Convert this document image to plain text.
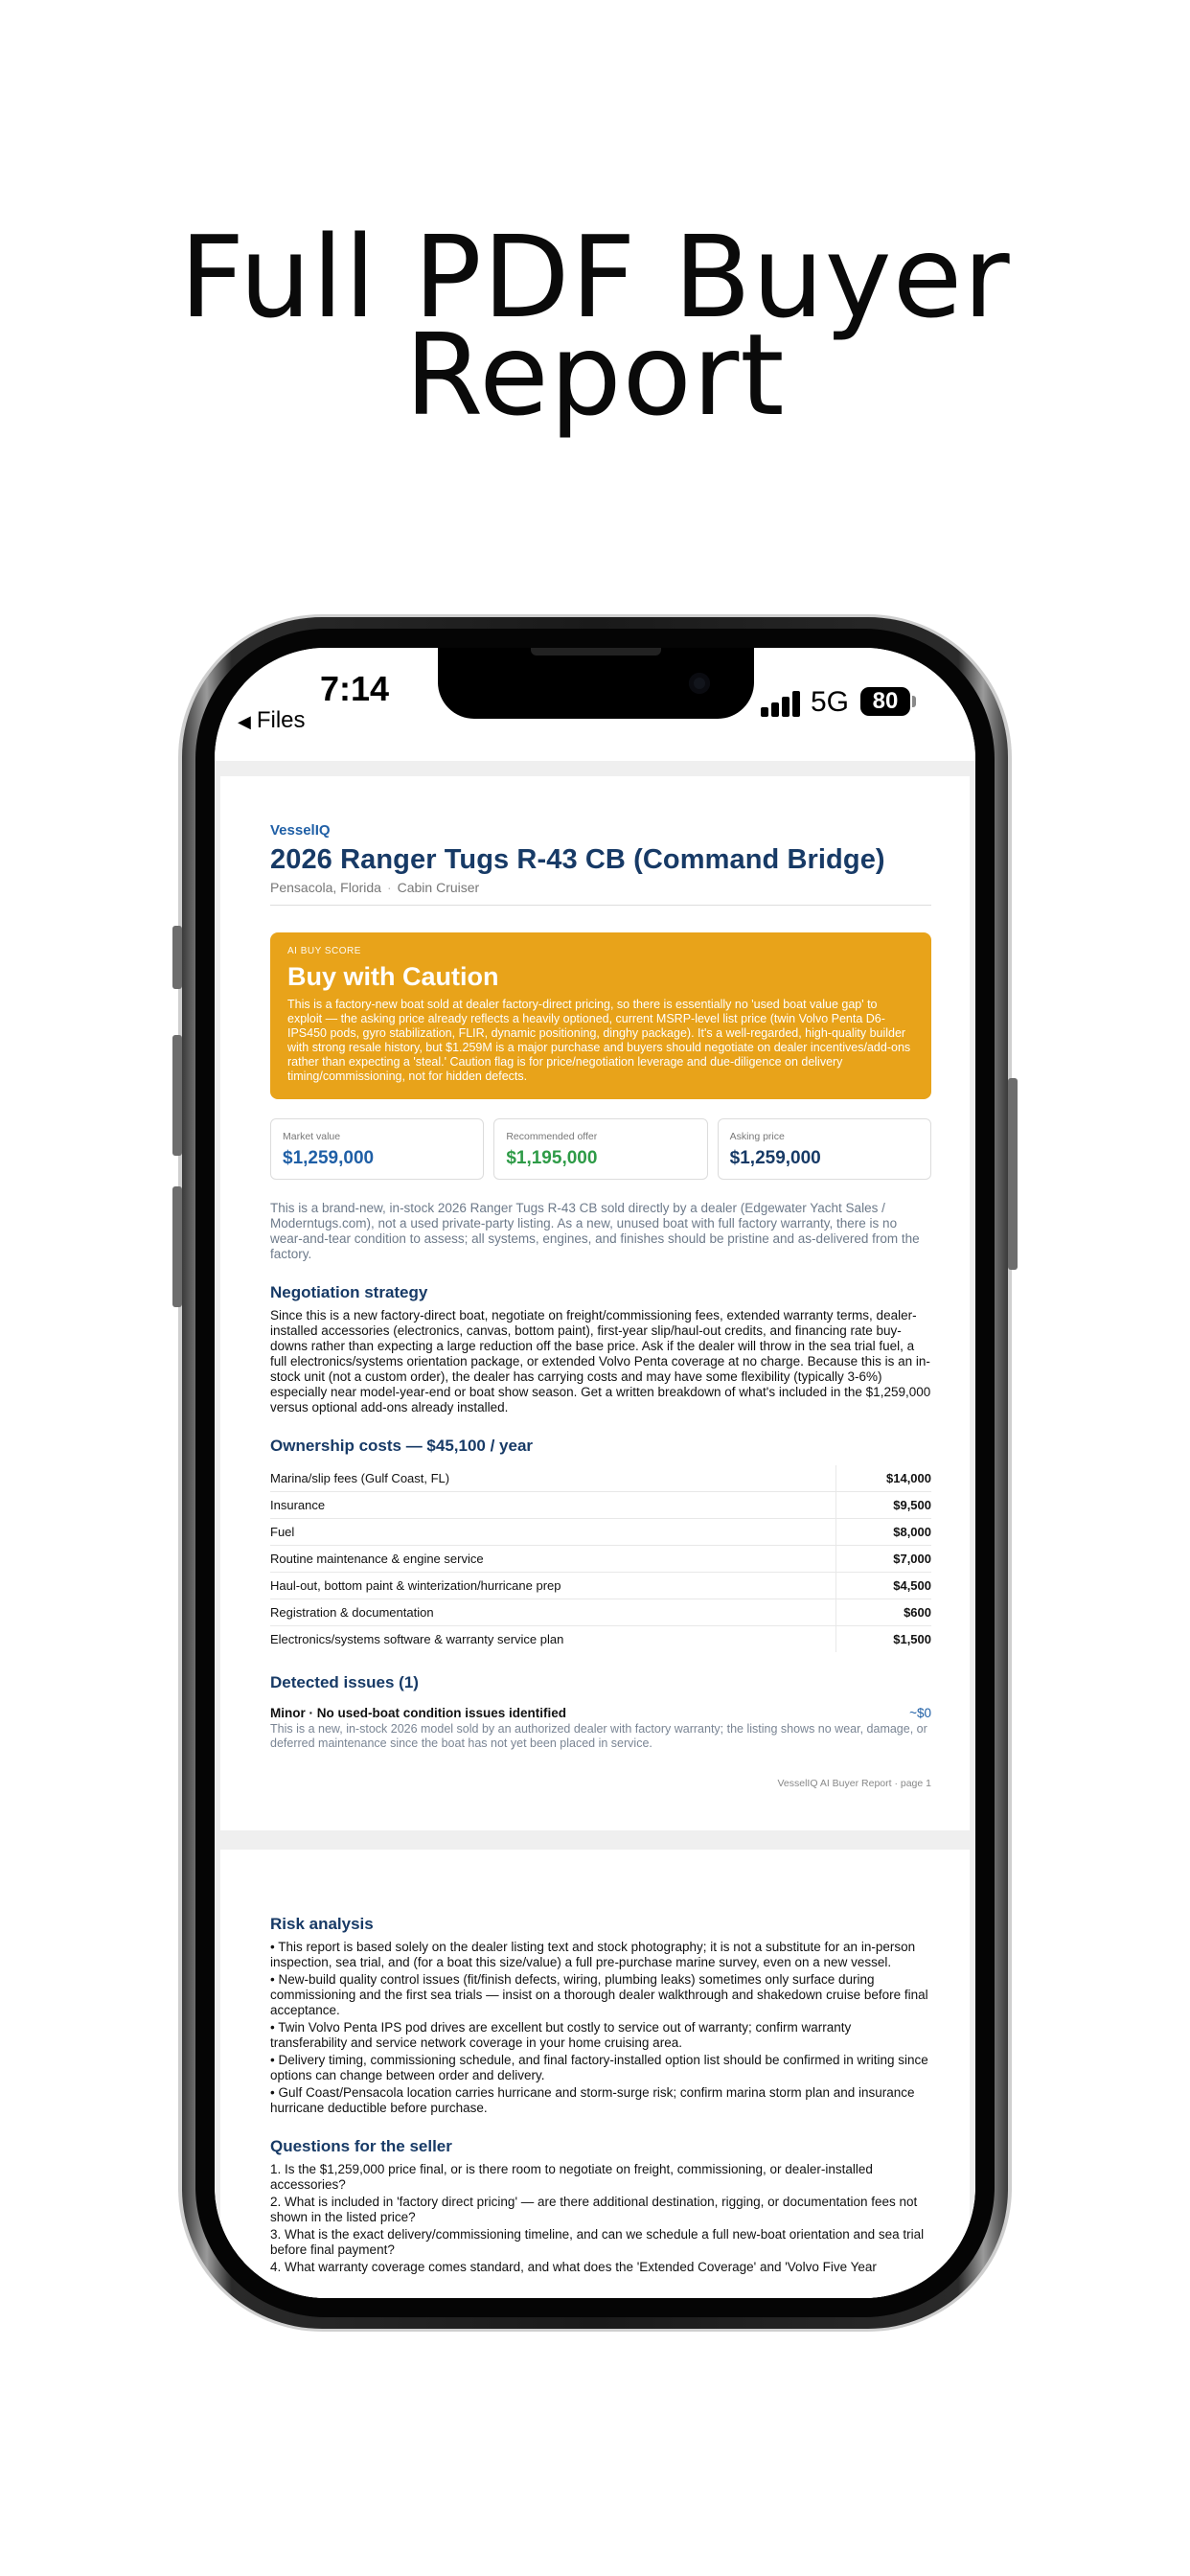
Full PDF Buyer
Report
7:14
◀ Files
5G	80
VesselIQ
2026 Ranger Tugs R-43 CB (Command Bridge)
Pensacola, Florida · Cabin Cruiser
AI BUY SCORE
Buy with Caution
This is a factory-new boat sold at dealer factory-direct pricing, so there is essentially no 'used boat value gap' to exploit — the asking price already reflects a heavily optioned, current MSRP-level list price (twin Volvo Penta D6-IPS450 pods, gyro stabilization, FLIR, dynamic positioning, dinghy package). It's a well-regarded, high-quality builder with strong resale history, but $1.259M is a major purchase and buyers should negotiate on dealer incentives/add-ons rather than expecting a 'steal.' Caution flag is for price/negotiation leverage and due-diligence on delivery timing/commissioning, not for hidden defects.
Market value
$1,259,000
Recommended offer
$1,195,000
Asking price
$1,259,000
This is a brand-new, in-stock 2026 Ranger Tugs R-43 CB sold directly by a dealer (Edgewater Yacht Sales / Moderntugs.com), not a used private-party listing. As a new, unused boat with full factory warranty, there is no wear-and-tear condition to assess; all systems, engines, and finishes should be pristine and as-delivered from the factory.
Negotiation strategy
Since this is a new factory-direct boat, negotiate on freight/commissioning fees, extended warranty terms, dealer-installed accessories (electronics, canvas, bottom paint), first-year slip/haul-out credits, and financing rate buy-downs rather than expecting a large reduction off the base price. Ask if the dealer will throw in the sea trial fuel, a full electronics/systems orientation package, or extended Volvo Penta coverage at no charge. Because this is an in-stock unit (not a custom order), the dealer has carrying costs and may have some flexibility (typically 3-6%) especially near model-year-end or boat show season. Get a written breakdown of what's included in the $1,259,000 versus optional add-ons already installed.
Ownership costs — $45,100 / year
Marina/slip fees (Gulf Coast, FL)	$14,000
Insurance	$9,500
Fuel	$8,000
Routine maintenance & engine service	$7,000
Haul-out, bottom paint & winterization/hurricane prep	$4,500
Registration & documentation	$600
Electronics/systems software & warranty service plan	$1,500
Detected issues (1)
Minor · No used-boat condition issues identified	~$0
This is a new, in-stock 2026 model sold by an authorized dealer with factory warranty; the listing shows no wear, damage, or deferred maintenance since the boat has not yet been placed in service.
VesselIQ AI Buyer Report · page 1
Risk analysis
• This report is based solely on the dealer listing text and stock photography; it is not a substitute for an in-person inspection, sea trial, and (for a boat this size/value) a full pre-purchase marine survey, even on a new vessel.
• New-build quality control issues (fit/finish defects, wiring, plumbing leaks) sometimes only surface during commissioning and the first sea trials — insist on a thorough dealer walkthrough and shakedown cruise before final acceptance.
• Twin Volvo Penta IPS pod drives are excellent but costly to service out of warranty; confirm warranty transferability and service network coverage in your home cruising area.
• Delivery timing, commissioning schedule, and final factory-installed option list should be confirmed in writing since options can change between order and delivery.
• Gulf Coast/Pensacola location carries hurricane and storm-surge risk; confirm marina storm plan and insurance hurricane deductible before purchase.
Questions for the seller
1. Is the $1,259,000 price final, or is there room to negotiate on freight, commissioning, or dealer-installed accessories?
2. What is included in 'factory direct pricing' — are there additional destination, rigging, or documentation fees not shown in the listed price?
3. What is the exact delivery/commissioning timeline, and can we schedule a full new-boat orientation and sea trial before final payment?
4. What warranty coverage comes standard, and what does the 'Extended Coverage' and 'Volvo Five Year
